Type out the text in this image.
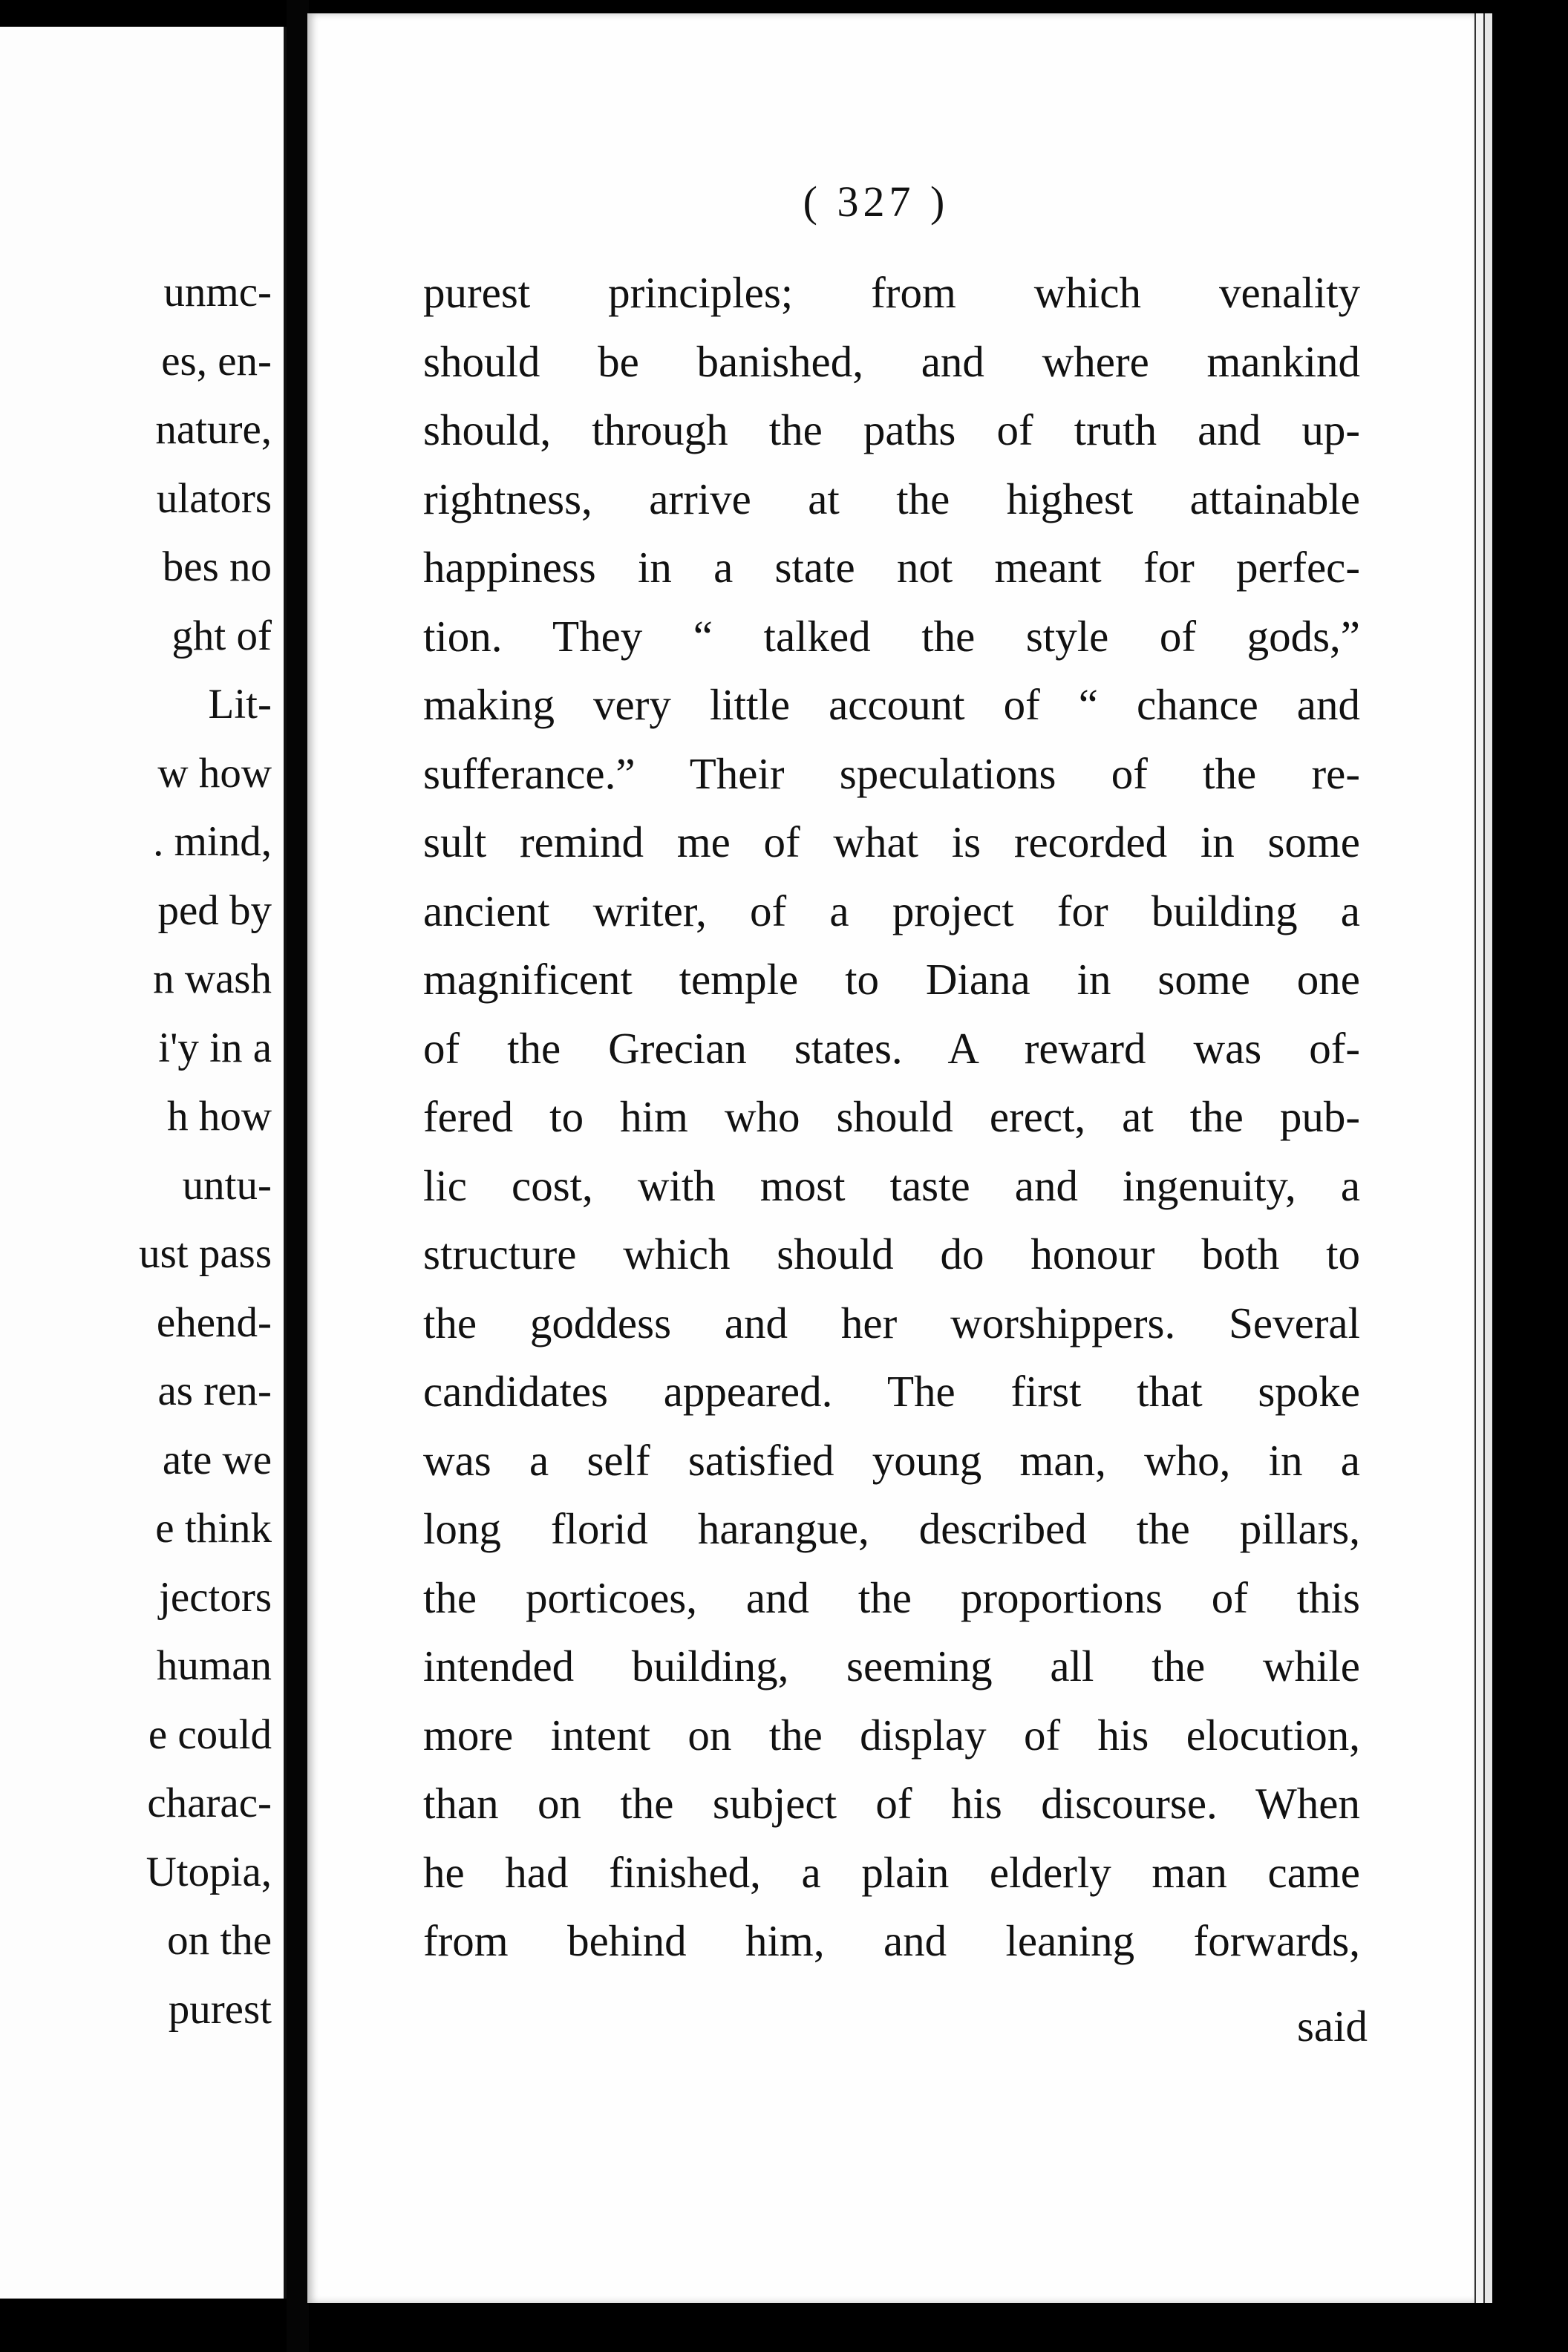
unmc-
es, en-
nature,
ulators
bes no
ght of
Lit-
w how
. mind,
ped by
n wash
i'y in a
h how
untu-
ust pass
ehend-
as ren-
ate we
e think
jectors
human
e could
charac-
Utopia,
on the
purest
( 327 )
purest principles; from which venality
should be banished, and where mankind
should, through the paths of truth and up-
rightness, arrive at the highest attainable
happiness in a state not meant for perfec-
tion. They “ talked the style of gods,”
making very little account of “ chance and
sufferance.” Their speculations of the re-
sult remind me of what is recorded in some
ancient writer, of a project for building a
magnificent temple to Diana in some one
of the Grecian states. A reward was of-
fered to him who should erect, at the pub-
lic cost, with most taste and ingenuity, a
structure which should do honour both to
the goddess and her worshippers. Several
candidates appeared. The first that spoke
was a self satisfied young man, who, in a
long florid harangue, described the pillars,
the porticoes, and the proportions of this
intended building, seeming all the while
more intent on the display of his elocution,
than on the subject of his discourse. When
he had finished, a plain elderly man came
from behind him, and leaning forwards,
said
